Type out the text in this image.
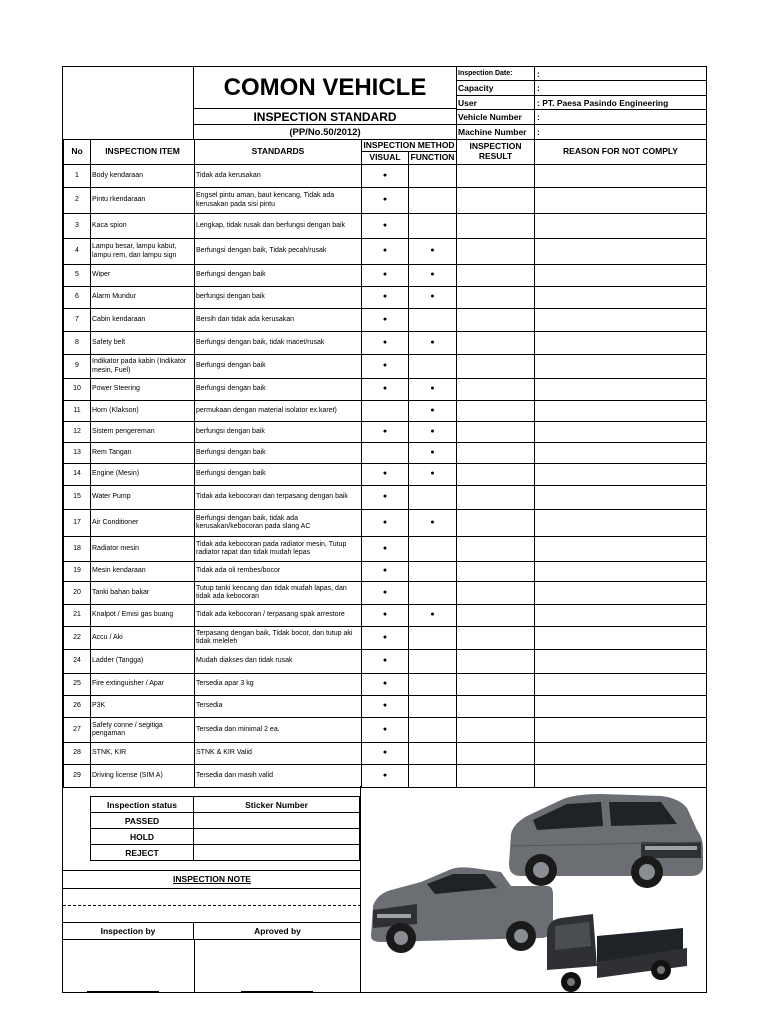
COMON VEHICLE
INSPECTION STANDARD
(PP/No.50/2012)
Inspection Date:	:
Capacity	:
User	: PT. Paesa Pasindo Engineering
Vehicle Number	:
Machine Number	:
No	INSPECTION ITEM	STANDARDS	INSPECTION METHOD		INSPECTION RESULT	REASON FOR NOT COMPLY
			VISUAL	FUNCTION		
1	Body kendaraan	Tidak ada kerusakan	●			
2	Pintu rkendaraan	Engsel pintu aman, baut kencang, Tidak ada kerusakan pada sisi pintu	●			
3	Kaca spion	Lengkap, tidak rusak dan berfungsi dengan baik	●			
4	Lampu besar, lampu kabut, lampu rem, dan lampu sign	Berfungsi dengan baik, Tidak pecah/rusak	●	●		
5	Wiper	Berfungsi dengan baik	●	●		
6	Alarm Mundur	berfungsi dengan baik	●	●		
7	Cabin kendaraan	Bersih dan tidak ada kerusakan	●			
8	Safety belt	Berfungsi dengan baik, tidak macet/rusak	●	●		
9	Indikator pada kabin (Indikator mesin, Fuel)	Berfungsi dengan baik	●			
10	Power Steering	Berfungsi dengan baik	●	●		
11	Horn (Klakson)	permukaan dengan material isolator ex.karet)		●		
12	Sistem pengereman	berfungsi dengan baik	●	●		
13	Rem Tangan	Berfungsi dengan baik		●		
14	Engine (Mesin)	Berfungsi dengan baik	●	●		
15	Water Pump	Tidak ada kebocoran dan terpasang dengan baik	●			
17	Air Conditioner	Berfungsi dengan baik, tidak ada kerusakan/kebocoran pada slang AC	●	●		
18	Radiator mesin	Tidak ada kebocoran pada radiator mesin, Tutup radiator rapat dan tidak mudah lepas	●			
19	Mesin kendaraan	Tidak ada oli rembes/bocor	●			
20	Tanki bahan bakar	Tutup tanki kencang dan tidak mudah lapas, dan tidak ada kebocoran	●			
21	Knalpot / Emisi gas buang	Tidak ada kebocoran / terpasang spak arrestore	●	●		
22	Accu / Aki	Terpasang dengan baik, Tidak bocor, dan tutup aki tidak meleleh	●			
24	Ladder (Tangga)	Mudah diakses dan tidak rusak	●			
25	Fire extinguisher / Apar	Tersedia apar 3 kg	●			
26	P3K	Tersedia	●			
27	Safety conne / segitiga pengaman	Tersedia dan minimal 2 ea.	●			
28	STNK, KIR	STNK & KIR Valid	●			
29	Driving license (SIM A)	Tersedia dan masih valid	●			
Inspection status	Sticker Number
PASSED	
HOLD	
REJECT	
INSPECTION NOTE
Inspection by	Aproved by
